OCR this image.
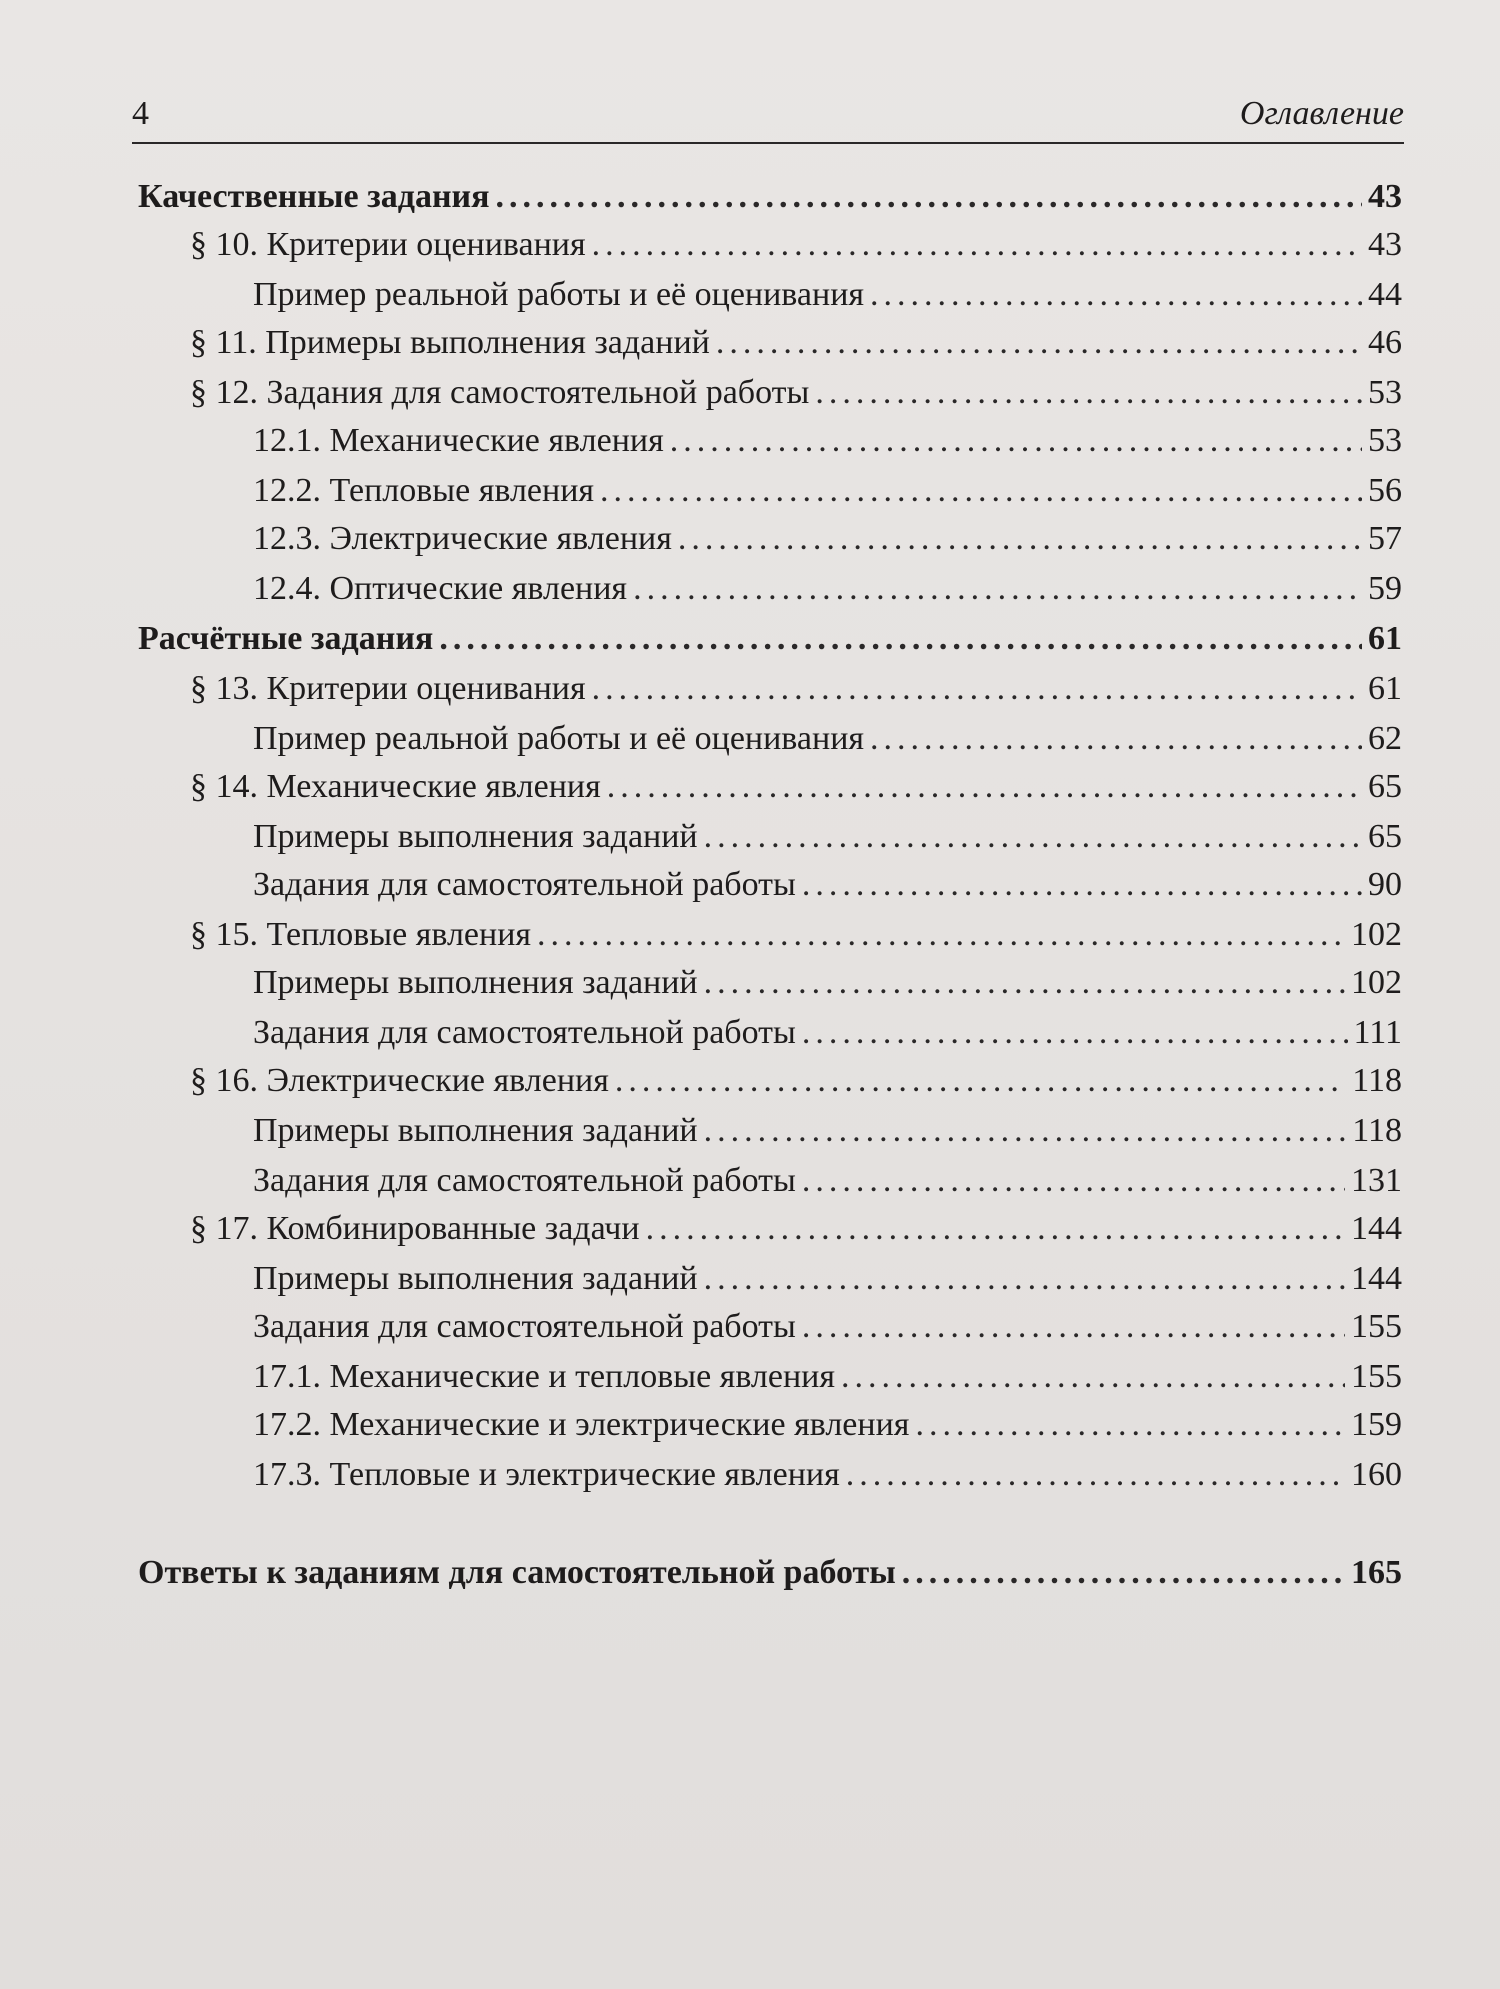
4	Оглавление
Качественные задания .....	43
§ 10. Критерии оценивания .....	43
Пример реальной работы и её оценивания .....	44
§ 11. Примеры выполнения заданий .....	46
§ 12. Задания для самостоятельной работы .....	53
12.1. Механические явления .....	53
12.2. Тепловые явления .....	56
12.3. Электрические явления .....	57
12.4. Оптические явления .....	59
Расчётные задания .....	61
§ 13. Критерии оценивания .....	61
Пример реальной работы и её оценивания .....	62
§ 14. Механические явления .....	65
Примеры выполнения заданий .....	65
Задания для самостоятельной работы .....	90
§ 15. Тепловые явления .....	102
Примеры выполнения заданий .....	102
Задания для самостоятельной работы .....	111
§ 16. Электрические явления .....	118
Примеры выполнения заданий .....	118
Задания для самостоятельной работы .....	131
§ 17. Комбинированные задачи .....	144
Примеры выполнения заданий .....	144
Задания для самостоятельной работы .....	155
17.1. Механические и тепловые явления .....	155
17.2. Механические и электрические явления .....	159
17.3. Тепловые и электрические явления .....	160
Ответы к заданиям для самостоятельной работы .....	165
